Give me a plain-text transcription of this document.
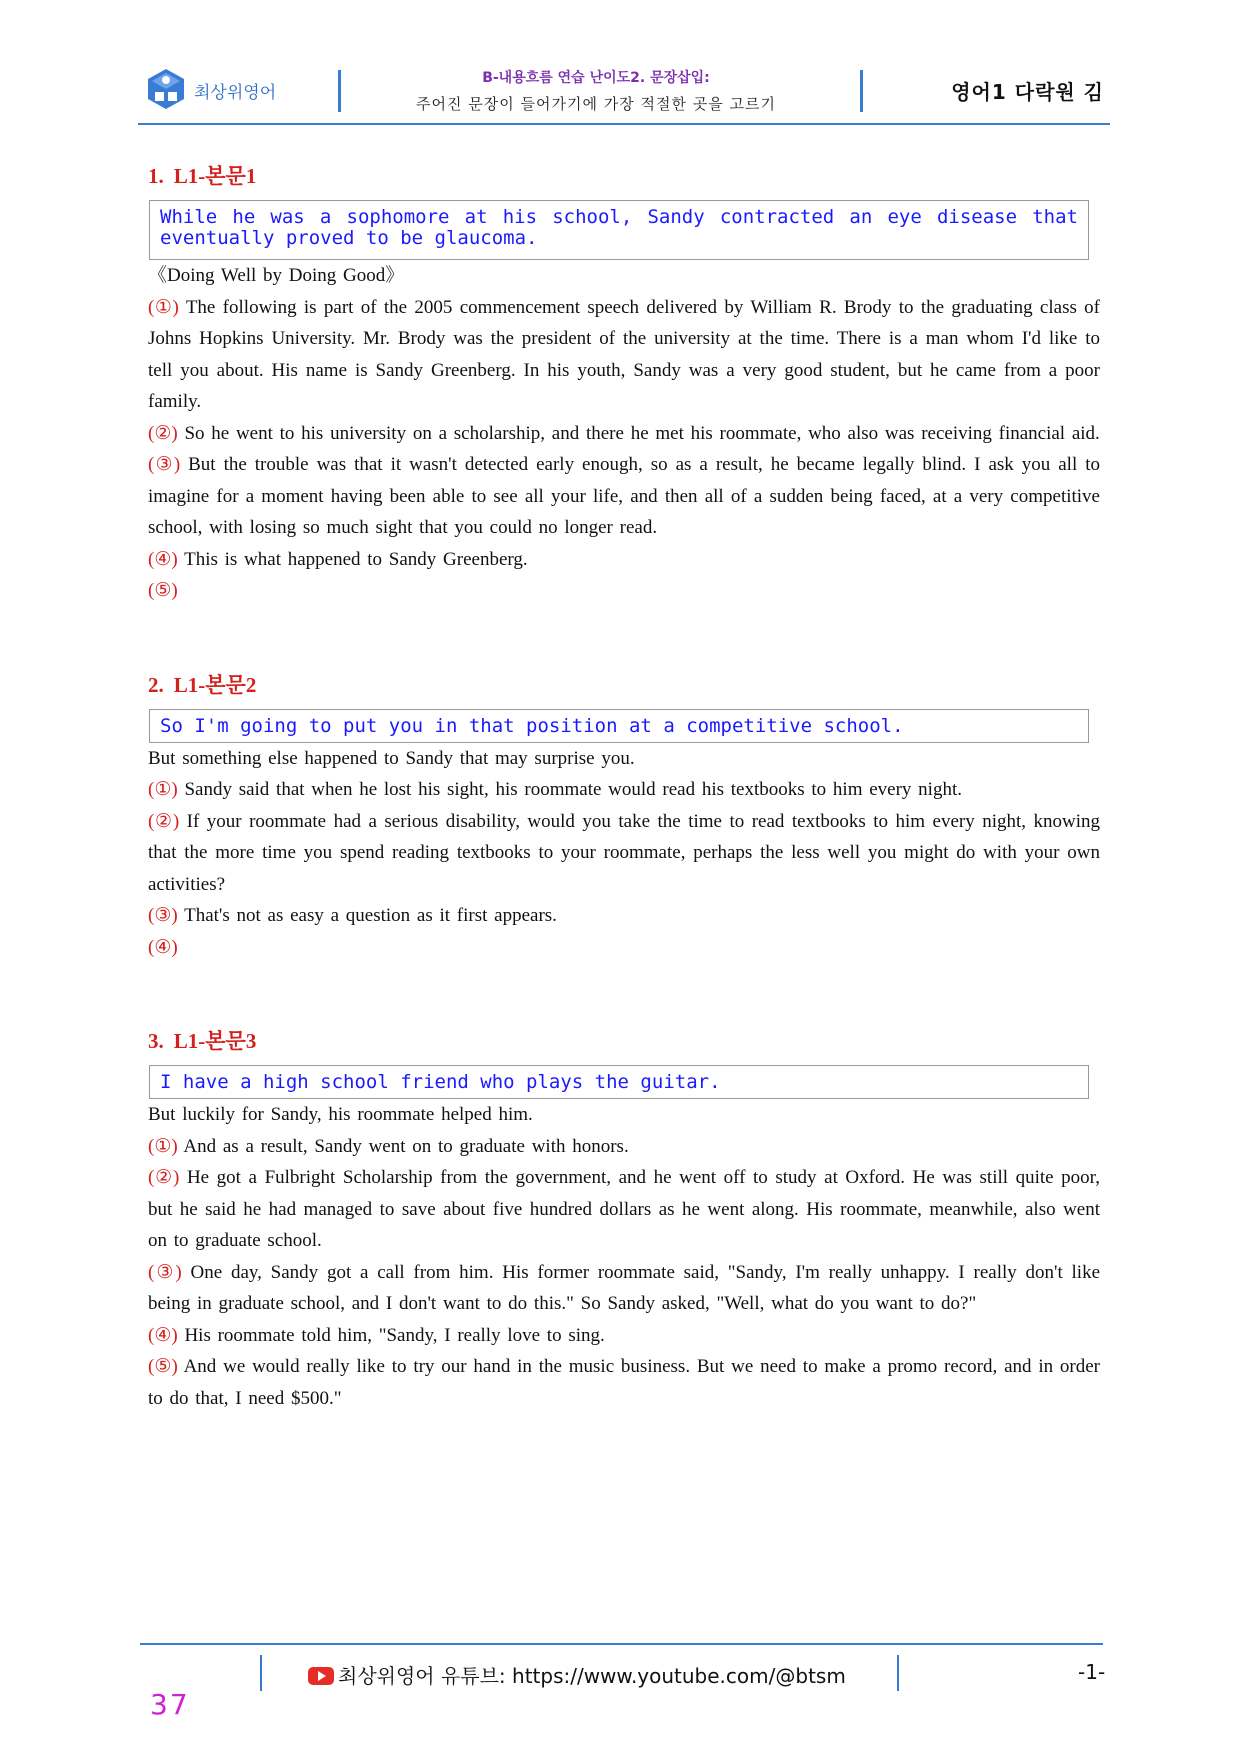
최상위영어
B-내용흐름 연습 난이도2. 문장삽입:
주어진 문장이 들어가기에 가장 적절한 곳을 고르기	영어1 다락원 김
1. L1-본문1
While he was a sophomore at his school, Sandy contracted an eye disease that eventually proved to be glaucoma.
《Doing Well by Doing Good》
(①) The following is part of the 2005 commencement speech delivered by William R. Brody to the graduating class of Johns Hopkins University. Mr. Brody was the president of the university at the time. There is a man whom I'd like to tell you about. His name is Sandy Greenberg. In his youth, Sandy was a very good student, but he came from a poor family.
(②) So he went to his university on a scholarship, and there he met his roommate, who also was receiving financial aid.
(③) But the trouble was that it wasn't detected early enough, so as a result, he became legally blind. I ask you all to imagine for a moment having been able to see all your life, and then all of a sudden being faced, at a very competitive school, with losing so much sight that you could no longer read.
(④) This is what happened to Sandy Greenberg.
(⑤)
2. L1-본문2
So I'm going to put you in that position at a competitive school.
But something else happened to Sandy that may surprise you.
(①) Sandy said that when he lost his sight, his roommate would read his textbooks to him every night.
(②) If your roommate had a serious disability, would you take the time to read textbooks to him every night, knowing that the more time you spend reading textbooks to your roommate, perhaps the less well you might do with your own activities?
(③) That's not as easy a question as it first appears.
(④)
3. L1-본문3
I have a high school friend who plays the guitar.
But luckily for Sandy, his roommate helped him.
(①) And as a result, Sandy went on to graduate with honors.
(②) He got a Fulbright Scholarship from the government, and he went off to study at Oxford. He was still quite poor, but he said he had managed to save about five hundred dollars as he went along. His roommate, meanwhile, also went on to graduate school.
(③) One day, Sandy got a call from him. His former roommate said, "Sandy, I'm really unhappy. I really don't like being in graduate school, and I don't want to do this." So Sandy asked, "Well, what do you want to do?"
(④) His roommate told him, "Sandy, I really love to sing.
(⑤) And we would really like to try our hand in the music business. But we need to make a promo record, and in order to do that, I need $500."
최상위영어 유튜브: https://www.youtube.com/@btsm	-1-
37
